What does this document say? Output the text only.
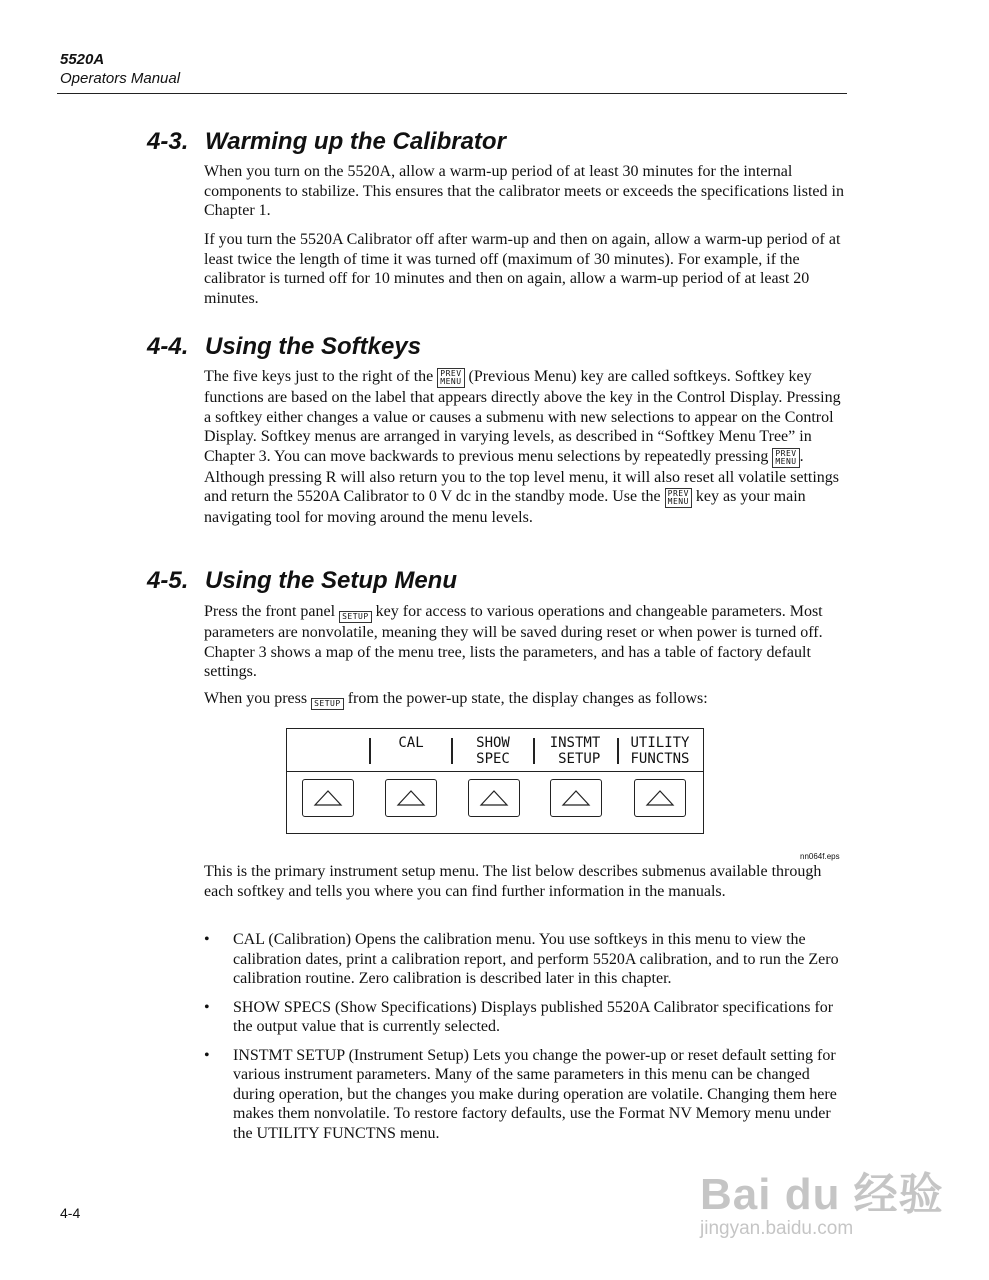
5520A
Operators Manual
4-3. Warming up the Calibrator

When you turn on the 5520A, allow a warm-up period of at least 30 minutes for the internal components to stabilize. This ensures that the calibrator meets or exceeds the specifications listed in Chapter 1.

If you turn the 5520A Calibrator off after warm-up and then on again, allow a warm-up period of at least twice the length of time it was turned off (maximum of 30 minutes). For example, if the calibrator is turned off for 10 minutes and then on again, allow a warm-up period of at least 20 minutes.

4-4. Using the Softkeys

The five keys just to the right of the PREV
MENU (Previous Menu) key are called softkeys. Softkey key functions are based on the label that appears directly above the key in the Control Display. Pressing a softkey either changes a value or causes a submenu with new selections to appear on the Control Display. Softkey menus are arranged in varying levels, as described in “Softkey Menu Tree” in Chapter 3. You can move backwards to previous menu selections by repeatedly pressing PREV
MENU . Although pressing R will also return you to the top level menu, it will also reset all volatile settings and return the 5520A Calibrator to 0 V dc in the standby mode. Use the PREV
MENU key as your main navigating tool for moving around the menu levels.

4-5. Using the Setup Menu

Press the front panel SETUP key for access to various operations and changeable parameters. Most parameters are nonvolatile, meaning they will be saved during reset or when power is turned off. Chapter 3 shows a map of the menu tree, lists the parameters, and has a table of factory default settings.

When you press SETUP from the power-up state, the display changes as follows:

CAL	SHOW
SPEC
INSTMT
SETUP
UTILITY
FUNCTNS
nn064f.eps

This is the primary instrument setup menu. The list below describes submenus available through each softkey and tells you where you can find further information in the manuals.

• CAL (Calibration) Opens the calibration menu. You use softkeys in this menu to view the calibration dates, print a calibration report, and perform 5520A calibration, and to run the Zero calibration routine. Zero calibration is described later in this chapter.
• SHOW SPECS (Show Specifications) Displays published 5520A Calibrator specifications for the output value that is currently selected.
• INSTMT SETUP (Instrument Setup) Lets you change the power-up or reset default setting for various instrument parameters. Many of the same parameters in this menu can be changed during operation, but the changes you make during operation are volatile. Changing them here makes them nonvolatile. To restore factory defaults, use the Format NV Memory menu under the UTILITY FUNCTNS menu.
4-4	Bai du 经验
jingyan.baidu.com
